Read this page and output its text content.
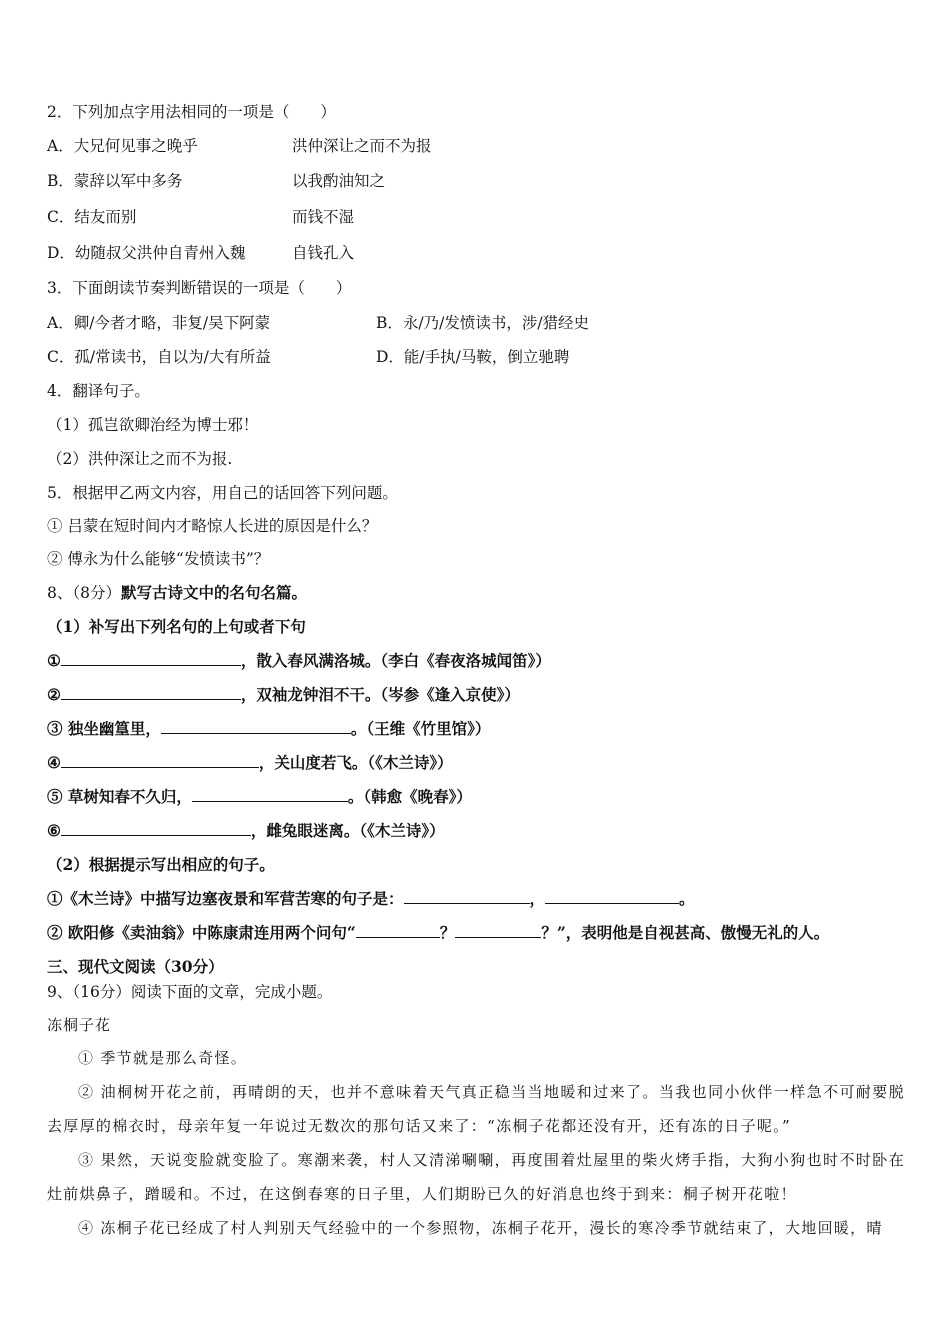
2．下列加点字用法相同的一项是（　　）
A．大兄何见事之晚乎	洪仲深让之而不为报
B．蒙辞以军中多务	以我酌油知之
C．结友而别	而钱不湿
D．幼随叔父洪仲自青州入魏	自钱孔入
3．下面朗读节奏判断错误的一项是（　　）
A．卿/今者才略，非复/吴下阿蒙	B．永/乃/发愤读书，涉/猎经史
C．孤/常读书，自以为/大有所益	D．能/手执/马鞍，倒立驰聘
4．翻译句子。
（1）孤岂欲卿治经为博士邪！
（2）洪仲深让之而不为报.
5．根据甲乙两文内容，用自己的话回答下列问题。
① 吕蒙在短时间内才略惊人长进的原因是什么？
② 傅永为什么能够“发愤读书”？
8、（8分）默写古诗文中的名句名篇。
（1）补写出下列名句的上句或者下句
①	，散入春风满洛城。（李白《春夜洛城闻笛》）
②	，双袖龙钟泪不干。（岑参《逢入京使》）
③ 独坐幽篁里，	。（王维《竹里馆》）
④	，关山度若飞。（《木兰诗》）
⑤ 草树知春不久归，	。（韩愈《晚春》）
⑥	，雌兔眼迷离。（《木兰诗》）
（2）根据提示写出相应的句子。
①《木兰诗》中描写边塞夜景和军营苦寒的句子是：	，	。
② 欧阳修《卖油翁》中陈康肃连用两个问句“	？	？”，表明他是自视甚高、傲慢无礼的人。
三、现代文阅读（30分）
9、（16分）阅读下面的文章，完成小题。
冻桐子花
① 季节就是那么奇怪。
② 油桐树开花之前，再晴朗的天，也并不意味着天气真正稳当当地暖和过来了。当我也同小伙伴一样急不可耐要脱去厚厚的棉衣时，母亲年复一年说过无数次的那句话又来了：“冻桐子花都还没有开，还有冻的日子呢。”
③ 果然，天说变脸就变脸了。寒潮来袭，村人又清涕唰唰，再度围着灶屋里的柴火烤手指，大狗小狗也时不时卧在灶前烘鼻子，蹭暖和。不过，在这倒春寒的日子里，人们期盼已久的好消息也终于到来：桐子树开花啦！
④ 冻桐子花已经成了村人判别天气经验中的一个参照物，冻桐子花开，漫长的寒冷季节就结束了，大地回暖，晴
